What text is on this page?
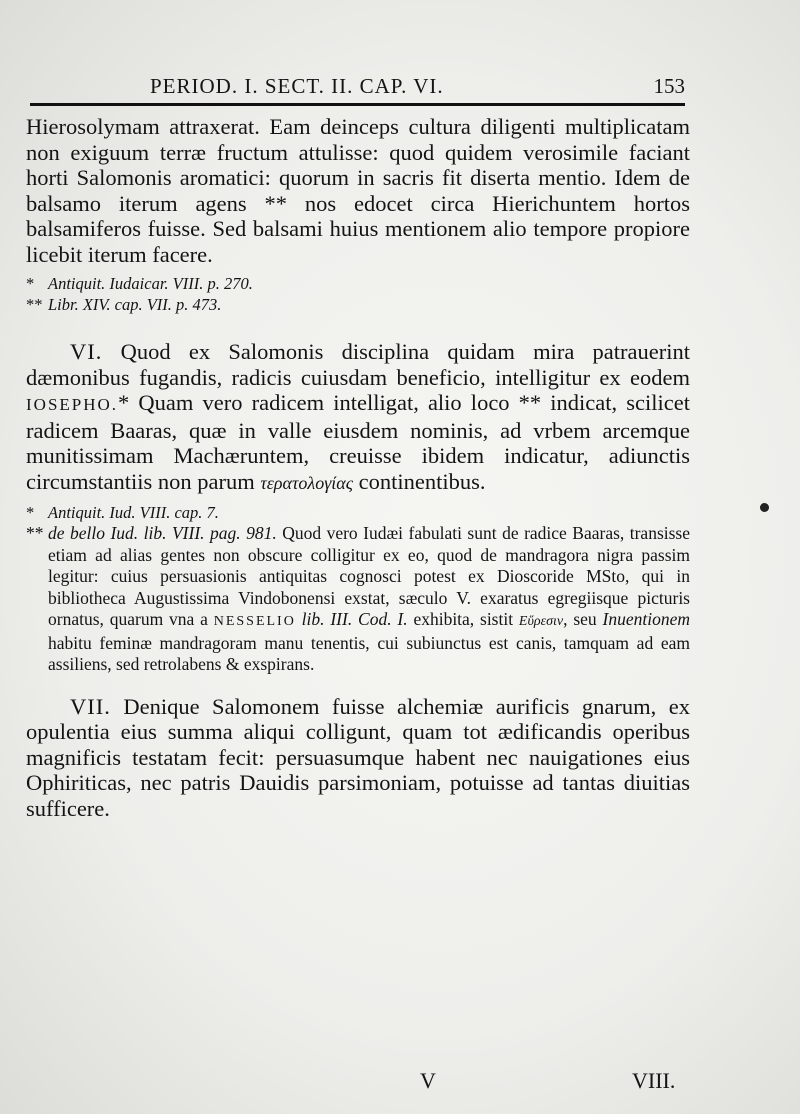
PERIOD. I. SECT. II. CAP. VI.	153

Hierosolymam attraxerat. Eam deinceps cultura diligenti multiplicatam non exiguum terræ fructum attulisse: quod quidem verosimile faciant horti Salomonis aromatici: quorum in sacris fit diserta mentio. Idem de balsamo iterum agens ** nos edocet circa Hierichuntem hortos balsamiferos fuisse. Sed balsami huius mentionem alio tempore propiore licebit iterum facere.

* Antiquit. Iudaicar. VIII. p. 270.

** Libr. XIV. cap. VII. p. 473.

VI. Quod ex Salomonis disciplina quidam mira patrauerint dæmonibus fugandis, radicis cuiusdam beneficio, intelligitur ex eodem IOSEPHO.* Quam vero radicem intelligat, alio loco ** indicat, scilicet radicem Baaras, quæ in valle eiusdem nominis, ad vrbem arcemque munitissimam Machæruntem, creuisse ibidem indicatur, adiunctis circumstantiis non parum τερατολογίας continentibus.

* Antiquit. Iud. VIII. cap. 7.

** de bello Iud. lib. VIII. pag. 981. Quod vero Iudæi fabulati sunt de radice Baaras, transisse etiam ad alias gentes non obscure colligitur ex eo, quod de mandragora nigra passim legitur: cuius persuasionis antiquitas cognosci potest ex Dioscoride MSto, qui in bibliotheca Augustissima Vindobonensi exstat, sæculo V. exaratus egregiisque picturis ornatus, quarum vna a NESSELIO lib. III. Cod. I. exhibita, sistit Εὕρεσιν, seu Inuentionem habitu feminæ mandragoram manu tenentis, cui subiunctus est canis, tamquam ad eam assiliens, sed retrolabens & exspirans.

VII. Denique Salomonem fuisse alchemiæ aurificis gnarum, ex opulentia eius summa aliqui colligunt, quam tot ædificandis operibus magnificis testatam fecit: persuasumque habent nec nauigationes eius Ophiriticas, nec patris Dauidis parsimoniam, potuisse ad tantas diuitias sufficere.

V	VIII.
